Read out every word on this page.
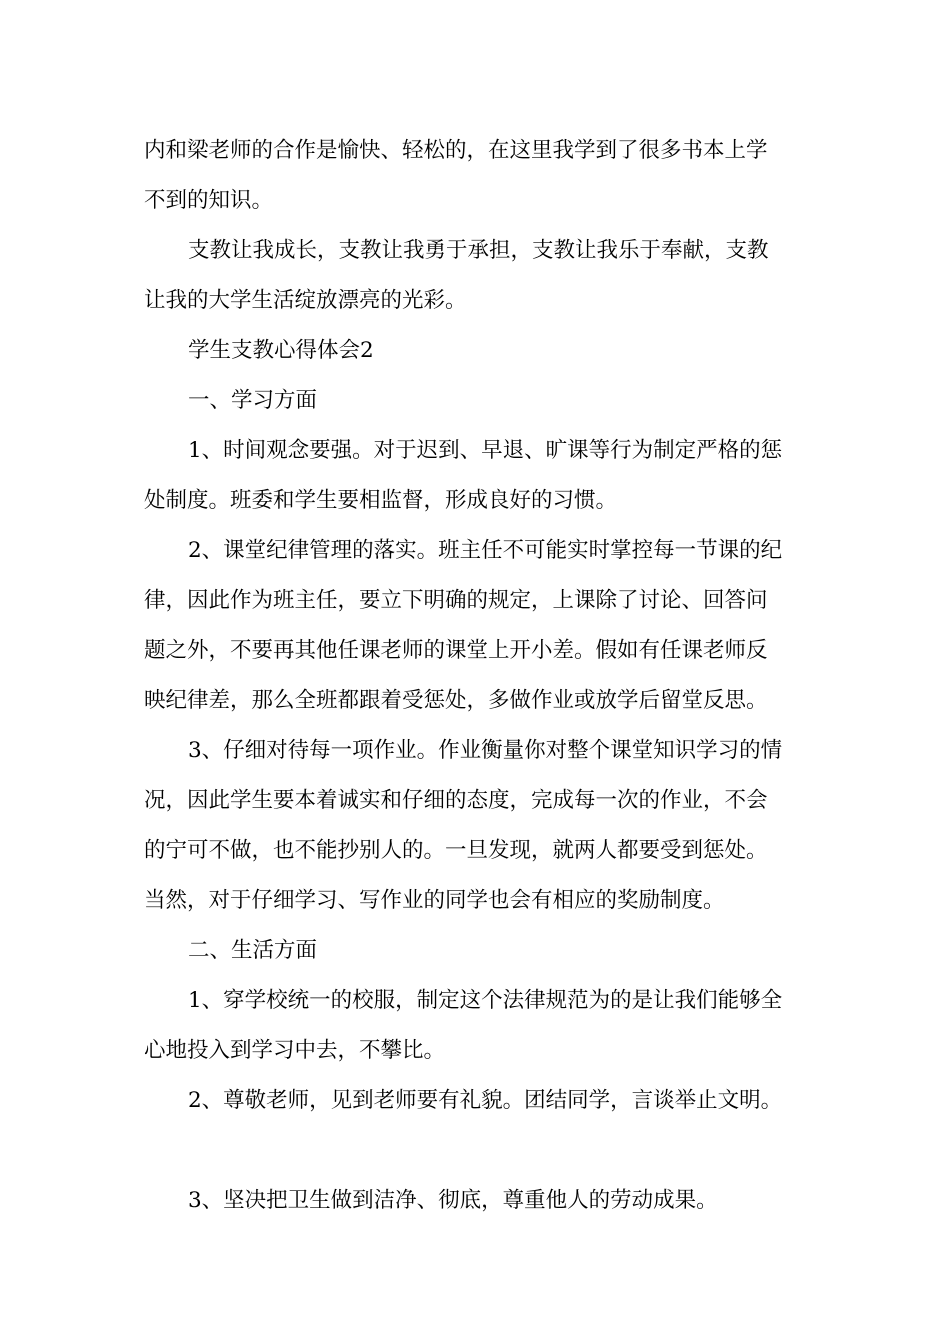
内和梁老师的合作是愉快、轻松的，在这里我学到了很多书本上学
不到的知识。
支教让我成长，支教让我勇于承担，支教让我乐于奉献，支教
让我的大学生活绽放漂亮的光彩。
学生支教心得体会2
一、学习方面
1、时间观念要强。对于迟到、早退、旷课等行为制定严格的惩
处制度。班委和学生要相监督，形成良好的习惯。
2、课堂纪律管理的落实。班主任不可能实时掌控每一节课的纪
律，因此作为班主任，要立下明确的规定，上课除了讨论、回答问
题之外，不要再其他任课老师的课堂上开小差。假如有任课老师反
映纪律差，那么全班都跟着受惩处，多做作业或放学后留堂反思。
3、仔细对待每一项作业。作业衡量你对整个课堂知识学习的情
况，因此学生要本着诚实和仔细的态度，完成每一次的作业，不会
的宁可不做，也不能抄别人的。一旦发现，就两人都要受到惩处。
当然，对于仔细学习、写作业的同学也会有相应的奖励制度。
二、生活方面
1、穿学校统一的校服，制定这个法律规范为的是让我们能够全
心地投入到学习中去，不攀比。
2、尊敬老师，见到老师要有礼貌。团结同学，言谈举止文明。
3、坚决把卫生做到洁净、彻底，尊重他人的劳动成果。
